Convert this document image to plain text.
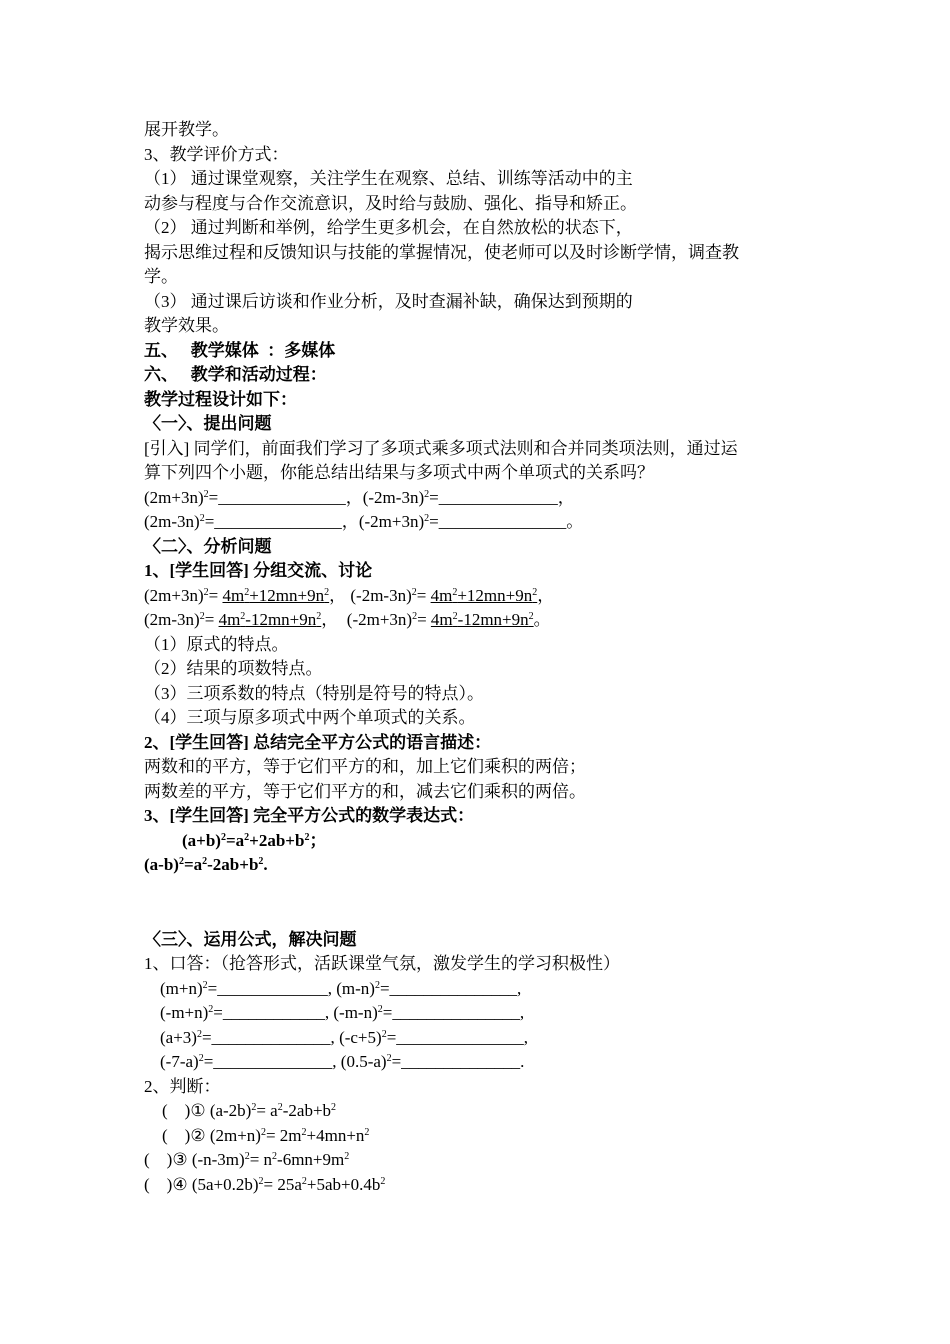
展开教学。
3、教学评价方式：
（1） 通过课堂观察，关注学生在观察、总结、训练等活动中的主
动参与程度与合作交流意识，及时给与鼓励、强化、指导和矫正。
（2） 通过判断和举例，给学生更多机会，在自然放松的状态下，
揭示思维过程和反馈知识与技能的掌握情况，使老师可以及时诊断学情，调查教
学。
（3） 通过课后访谈和作业分析，及时查漏补缺，确保达到预期的
教学效果。
五、   教学媒体  ：多媒体
六、   教学和活动过程：
教学过程设计如下：
〈一〉、提出问题
[引入] 同学们，前面我们学习了多项式乘多项式法则和合并同类项法则，通过运
算下列四个小题，你能总结出结果与多项式中两个单项式的关系吗？
$(2m+3n)^2=\_\_\_\_\_\_\_\_\_\_\_\_\_\_\_$，$(-2m-3n)^2=\_\_\_\_\_\_\_\_\_\_\_\_\_\_$，
$(2m-3n)^2=\_\_\_\_\_\_\_\_\_\_\_\_\_\_\_$，$(-2m+3n)^2=\_\_\_\_\_\_\_\_\_\_\_\_\_\_\_$。
〈二〉、分析问题
1、[学生回答] 分组交流、讨论
$(2m+3n)^2= 4m^2+12mn+9n^2$， $(-2m-3n)^2= 4m^2+12mn+9n^2$，
$(2m-3n)^2= 4m^2-12mn+9n^2$， $(-2m+3n)^2= 4m^2-12mn+9n^2$。
（1）原式的特点。
（2）结果的项数特点。
（3）三项系数的特点（特别是符号的特点）。
（4）三项与原多项式中两个单项式的关系。
2、[学生回答] 总结完全平方公式的语言描述：
两数和的平方，等于它们平方的和，加上它们乘积的两倍；
两数差的平方，等于它们平方的和，减去它们乘积的两倍。
3、[学生回答] 完全平方公式的数学表达式：
$(a+b)^2=a^2+2ab+b^2$；
$(a-b)^2=a^2-2ab+b^2$.
〈三〉、运用公式，解决问题
1、口答：（抢答形式，活跃课堂气氛，激发学生的学习积极性）
$(m+n)^2=\_\_\_\_\_\_\_\_\_\_\_\_\_$, $(m-n)^2=\_\_\_\_\_\_\_\_\_\_\_\_\_\_\_$,
$(-m+n)^2=\_\_\_\_\_\_\_\_\_\_\_\_$, $(-m-n)^2=\_\_\_\_\_\_\_\_\_\_\_\_\_\_\_$,
$(a+3)^2=\_\_\_\_\_\_\_\_\_\_\_\_\_\_$, $(-c+5)^2=\_\_\_\_\_\_\_\_\_\_\_\_\_\_\_$,
$(-7-a)^2=\_\_\_\_\_\_\_\_\_\_\_\_\_\_$, $(0.5-a)^2=\_\_\_\_\_\_\_\_\_\_\_\_\_\_$.
2、判断：
(    )① $(a-2b)^2= a^2-2ab+b^2$
(    )② $(2m+n)^2= 2m^2+4mn+n^2$
(    )③ $(-n-3m)^2= n^2-6mn+9m^2$
(    )④ $(5a+0.2b)^2= 25a^2+5ab+0.4b^2$
